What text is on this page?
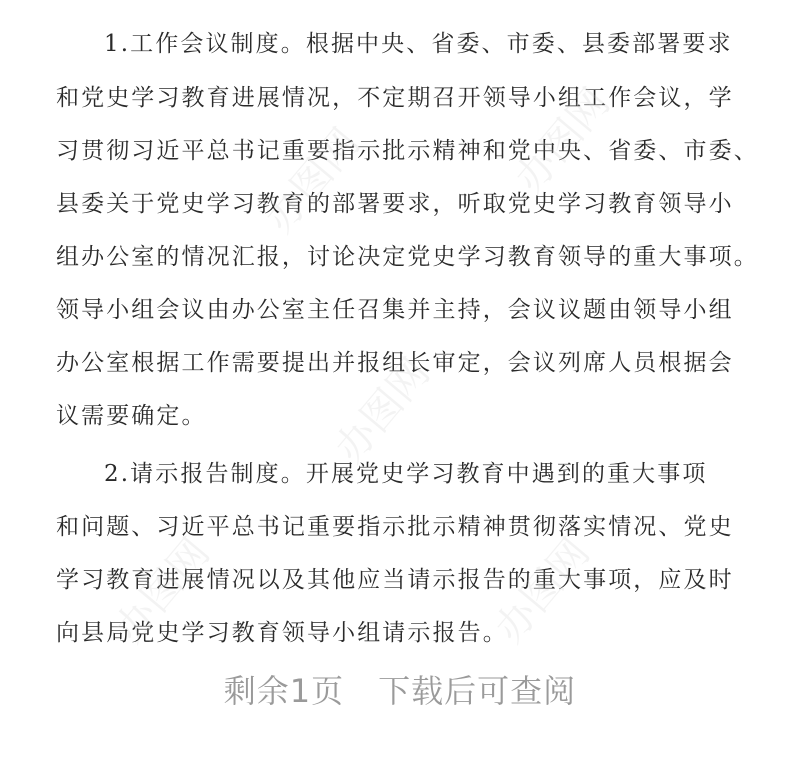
1.工作会议制度。根据中央、省委、市委、县委部署要求
和党史学习教育进展情况，不定期召开领导小组工作会议，学
习贯彻习近平总书记重要指示批示精神和党中央、省委、市委、
县委关于党史学习教育的部署要求，听取党史学习教育领导小
组办公室的情况汇报，讨论决定党史学习教育领导的重大事项。
领导小组会议由办公室主任召集并主持，会议议题由领导小组
办公室根据工作需要提出并报组长审定，会议列席人员根据会
议需要确定。
2.请示报告制度。开展党史学习教育中遇到的重大事项
和问题、习近平总书记重要指示批示精神贯彻落实情况、党史
学习教育进展情况以及其他应当请示报告的重大事项，应及时
向县局党史学习教育领导小组请示报告。
办图网	办图网
办图网
办图网	办图网
剩余1页 下载后可查阅
